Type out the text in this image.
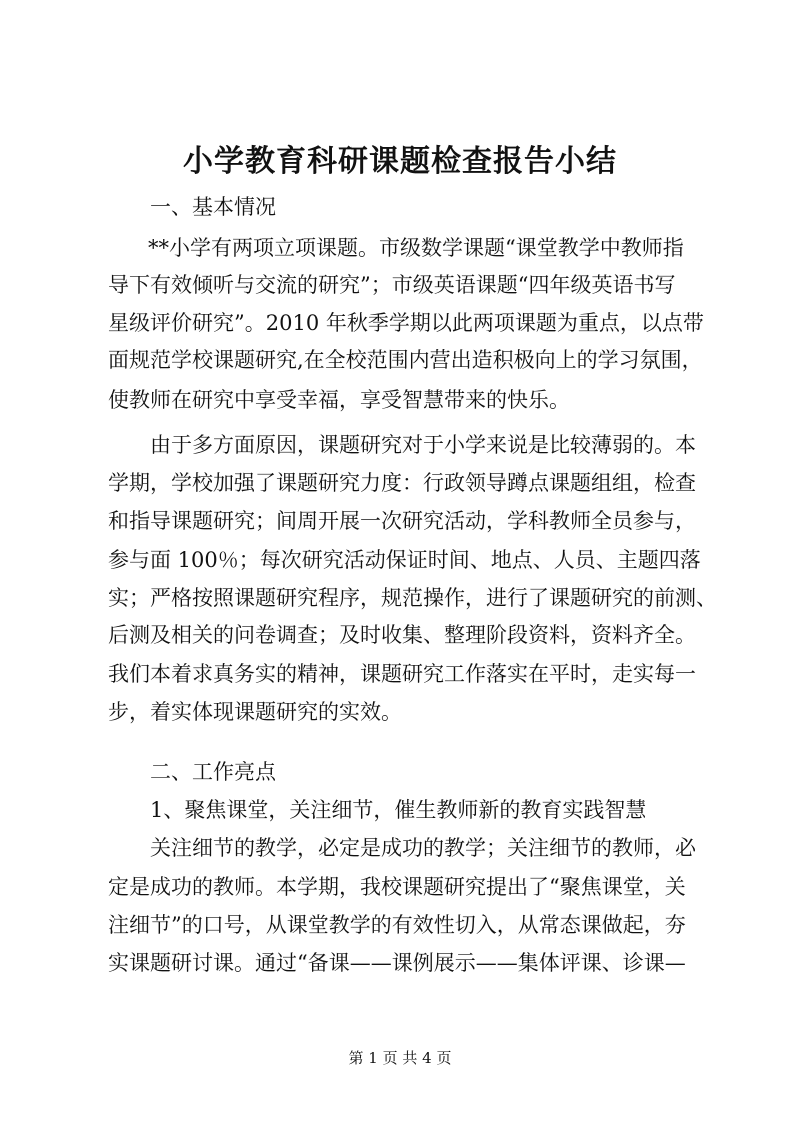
小学教育科研课题检查报告小结
一、基本情况
**小学有两项立项课题。市级数学课题“课堂教学中教师指
导下有效倾听与交流的研究”；市级英语课题“四年级英语书写
星级评价研究”。2010 年秋季学期以此两项课题为重点，以点带
面规范学校课题研究,在全校范围内营出造积极向上的学习氛围，
使教师在研究中享受幸福，享受智慧带来的快乐。
由于多方面原因，课题研究对于小学来说是比较薄弱的。本
学期，学校加强了课题研究力度：行政领导蹲点课题组组，检查
和指导课题研究；间周开展一次研究活动，学科教师全员参与，
参与面 100％；每次研究活动保证时间、地点、人员、主题四落
实；严格按照课题研究程序，规范操作，进行了课题研究的前测、
后测及相关的问卷调查；及时收集、整理阶段资料，资料齐全。
我们本着求真务实的精神，课题研究工作落实在平时，走实每一
步，着实体现课题研究的实效。
二、工作亮点
1、聚焦课堂，关注细节，催生教师新的教育实践智慧
关注细节的教学，必定是成功的教学；关注细节的教师，必
定是成功的教师。本学期，我校课题研究提出了“聚焦课堂，关
注细节”的口号，从课堂教学的有效性切入，从常态课做起，夯
实课题研讨课。通过“备课——课例展示——集体评课、诊课—
第 1 页 共 4 页
